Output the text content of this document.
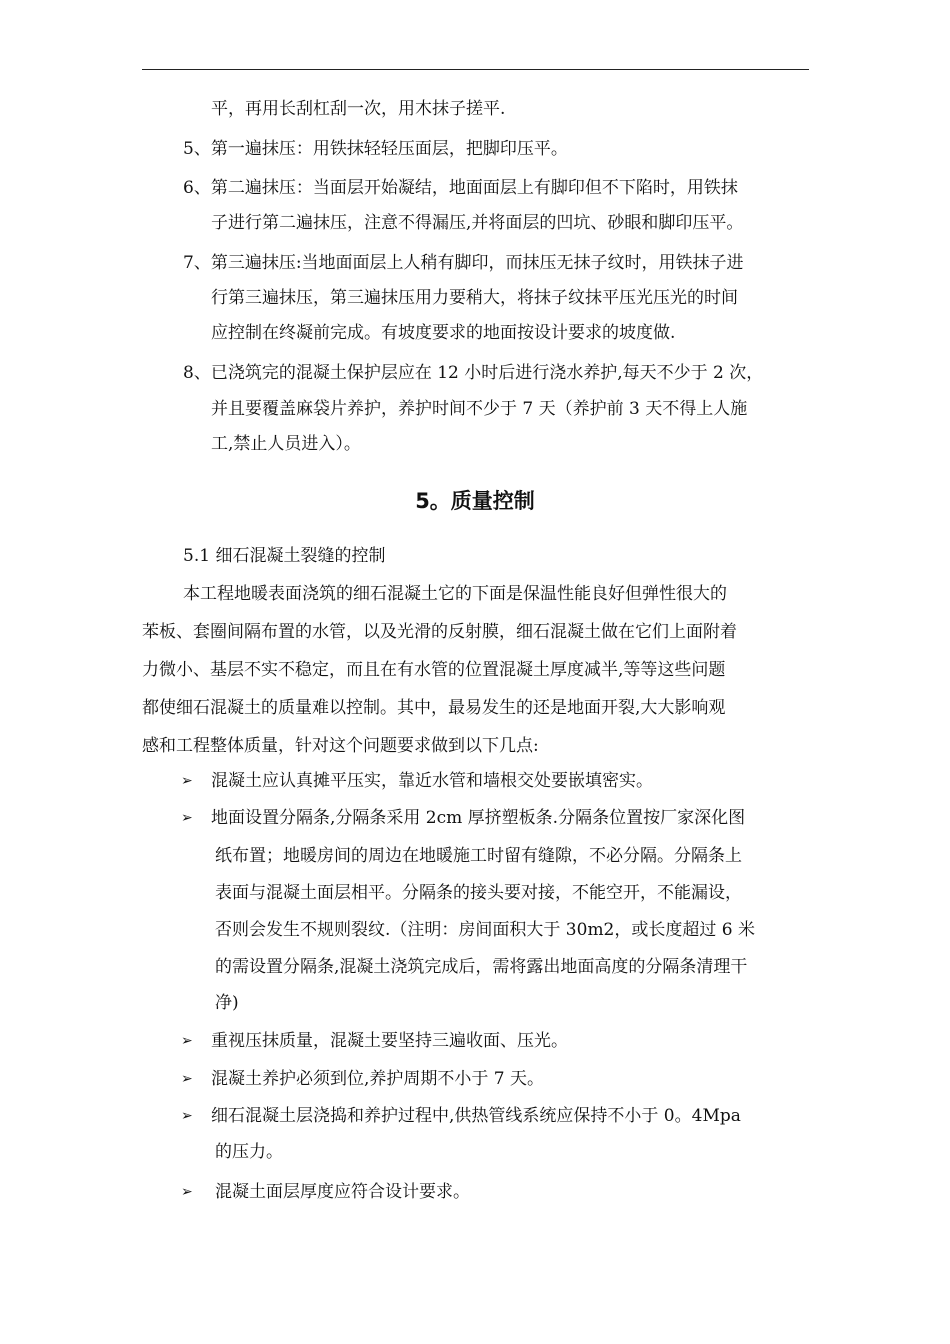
平，再用长刮杠刮一次，用木抹子搓平.
5、第一遍抹压：用铁抹轻轻压面层，把脚印压平。
6、第二遍抹压：当面层开始凝结，地面面层上有脚印但不下陷时，用铁抹
子进行第二遍抹压，注意不得漏压,并将面层的凹坑、砂眼和脚印压平。
7、第三遍抹压:当地面面层上人稍有脚印，而抹压无抹子纹时，用铁抹子进
行第三遍抹压，第三遍抹压用力要稍大，将抹子纹抹平压光压光的时间
应控制在终凝前完成。有坡度要求的地面按设计要求的坡度做.
8、已浇筑完的混凝土保护层应在 12 小时后进行浇水养护,每天不少于 2 次，
并且要覆盖麻袋片养护，养护时间不少于 7 天（养护前 3 天不得上人施
工,禁止人员进入）。
5。质量控制
5.1 细石混凝土裂缝的控制
本工程地暖表面浇筑的细石混凝土它的下面是保温性能良好但弹性很大的
苯板、套圈间隔布置的水管，以及光滑的反射膜，细石混凝土做在它们上面附着
力微小、基层不实不稳定，而且在有水管的位置混凝土厚度减半,等等这些问题
都使细石混凝土的质量难以控制。其中，最易发生的还是地面开裂,大大影响观
感和工程整体质量，针对这个问题要求做到以下几点:
➢ 混凝土应认真摊平压实，靠近水管和墙根交处要嵌填密实。
➢ 地面设置分隔条,分隔条采用 2cm 厚挤塑板条.分隔条位置按厂家深化图
纸布置；地暖房间的周边在地暖施工时留有缝隙，不必分隔。分隔条上
表面与混凝土面层相平。分隔条的接头要对接，不能空开，不能漏设，
否则会发生不规则裂纹.（注明：房间面积大于 30m2，或长度超过 6 米
的需设置分隔条,混凝土浇筑完成后，需将露出地面高度的分隔条清理干
净)
➢ 重视压抹质量，混凝土要坚持三遍收面、压光。
➢ 混凝土养护必须到位,养护周期不小于 7 天。
➢ 细石混凝土层浇捣和养护过程中,供热管线系统应保持不小于 0。4Mpa
的压力。
➢ 混凝土面层厚度应符合设计要求。
